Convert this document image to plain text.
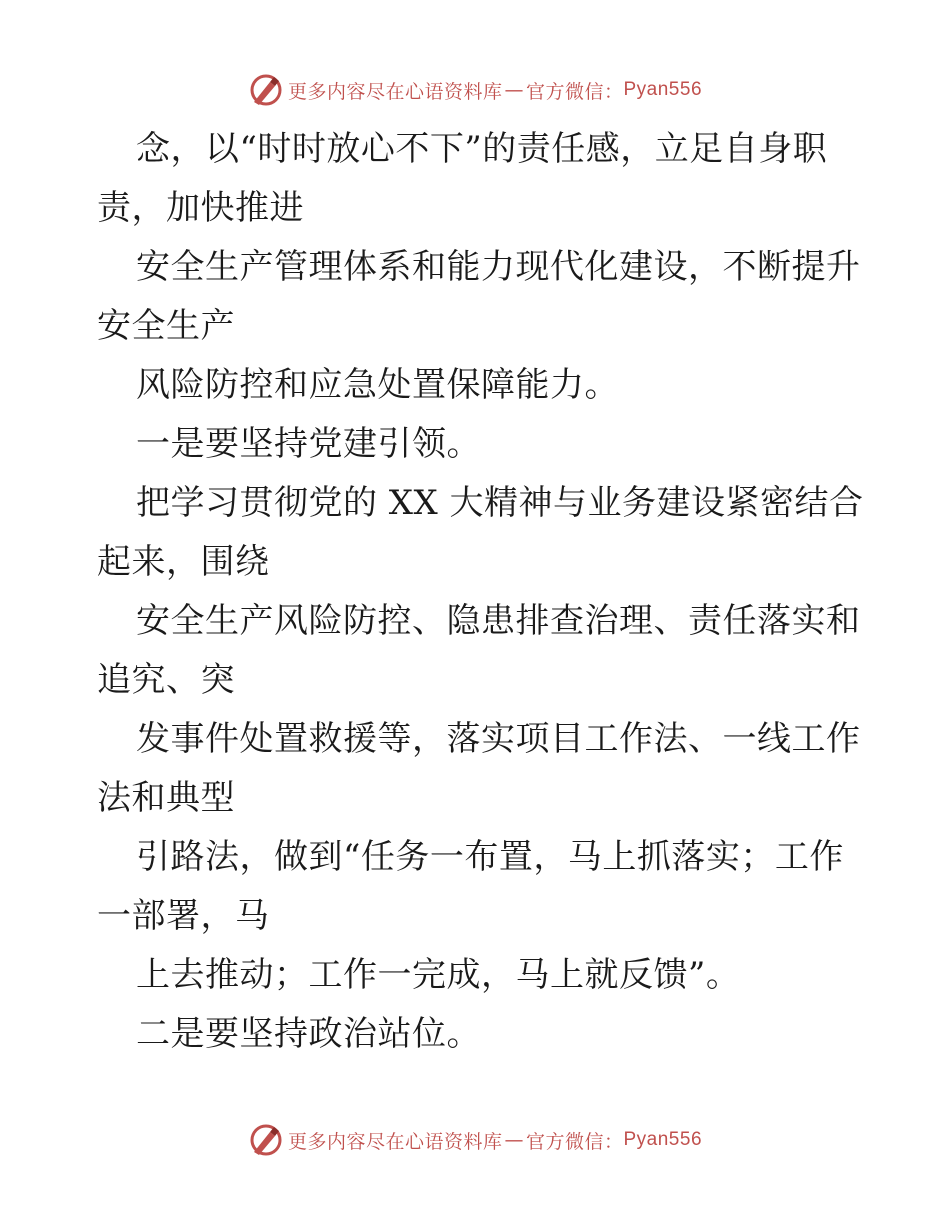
更多内容尽在心语资料库 — 官方微信： Pyan556
念，以“时时放心不下”的责任感，立足自身职
责，加快推进
安全生产管理体系和能力现代化建设，不断提升
安全生产
风险防控和应急处置保障能力。
一是要坚持党建引领。
把学习贯彻党的 XX 大精神与业务建设紧密结合
起来，围绕
安全生产风险防控、隐患排查治理、责任落实和
追究、突
发事件处置救援等，落实项目工作法、一线工作
法和典型
引路法，做到“任务一布置，马上抓落实；工作
一部署，马
上去推动；工作一完成，马上就反馈”。
二是要坚持政治站位。
更多内容尽在心语资料库 — 官方微信： Pyan556
